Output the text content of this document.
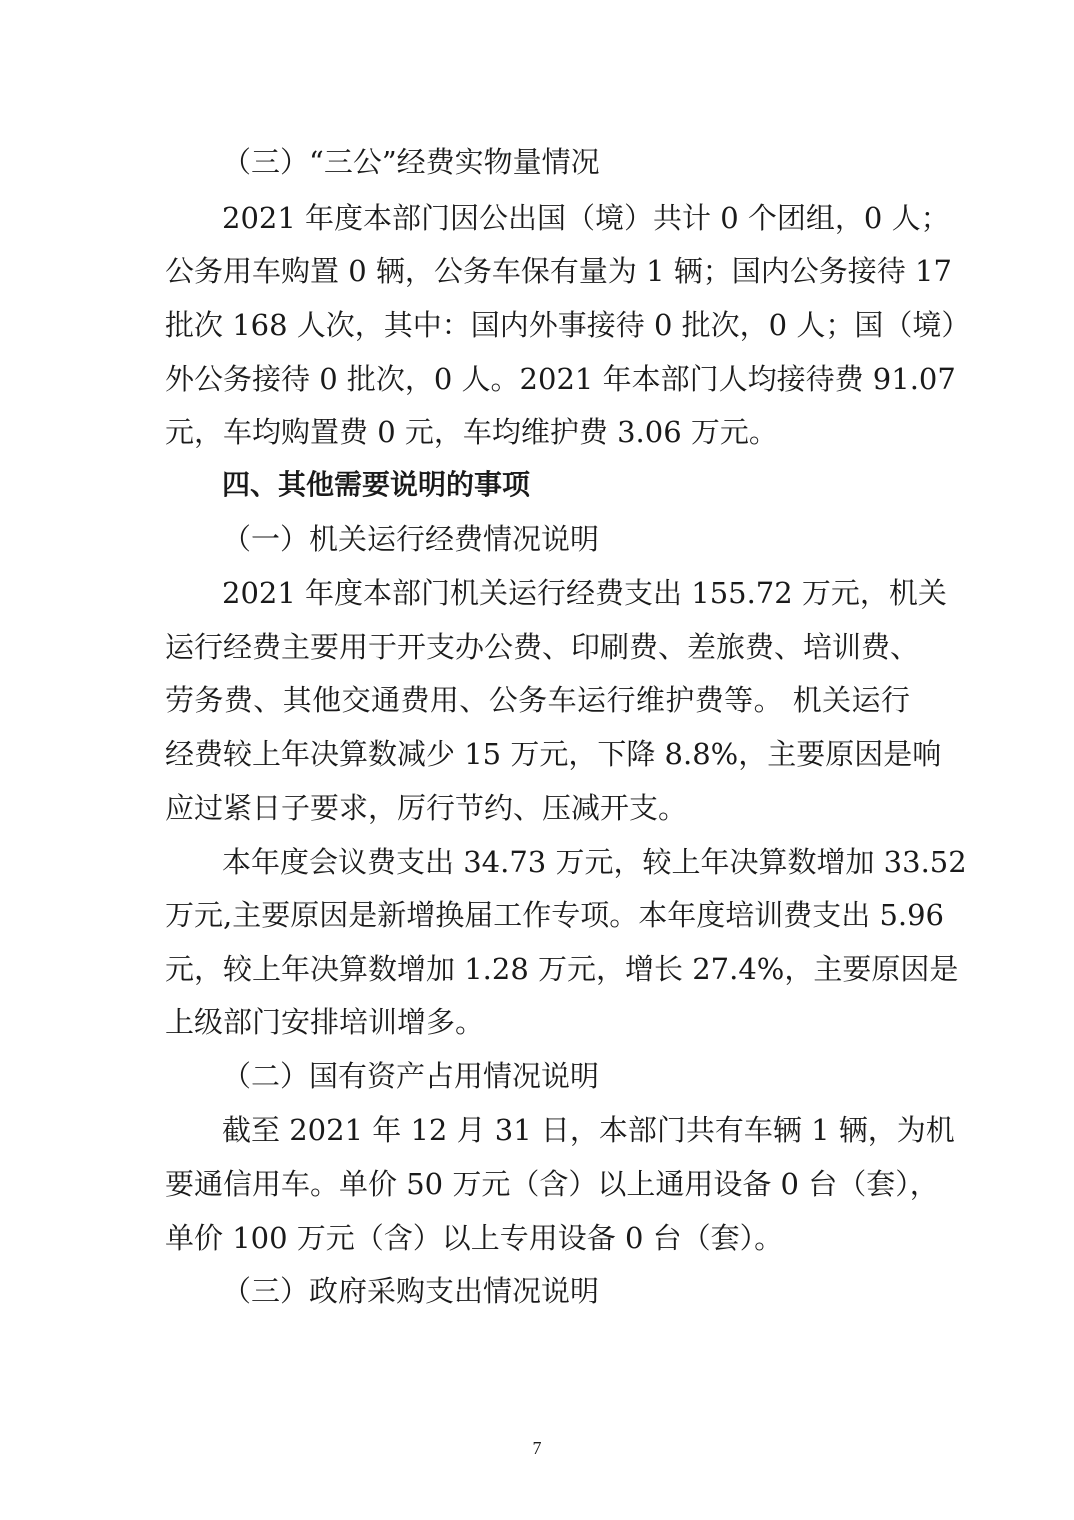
（三）“三公”经费实物量情况
2021 年度本部门因公出国（境）共计 0 个团组，0 人；
公务用车购置 0 辆，公务车保有量为 1 辆；国内公务接待 17
批次 168 人次，其中：国内外事接待 0 批次，0 人；国（境）
外公务接待 0 批次，0 人。2021 年本部门人均接待费 91.07
元，车均购置费 0 元，车均维护费 3.06 万元。
四、其他需要说明的事项
（一）机关运行经费情况说明
2021 年度本部门机关运行经费支出 155.72 万元，机关
运行经费主要用于开支办公费、印刷费、差旅费、培训费、
劳务费、其他交通费用、公务车运行维护费等。 机关运行
经费较上年决算数减少 15 万元，下降 8.8%，主要原因是响
应过紧日子要求，厉行节约、压减开支。
本年度会议费支出 34.73 万元，较上年决算数增加 33.52
万元,主要原因是新增换届工作专项。本年度培训费支出 5.96
元，较上年决算数增加 1.28 万元，增长 27.4%，主要原因是
上级部门安排培训增多。
（二）国有资产占用情况说明
截至 2021 年 12 月 31 日，本部门共有车辆 1 辆，为机
要通信用车。单价 50 万元（含）以上通用设备 0 台（套），
单价 100 万元（含）以上专用设备 0 台（套）。
（三）政府采购支出情况说明
7
